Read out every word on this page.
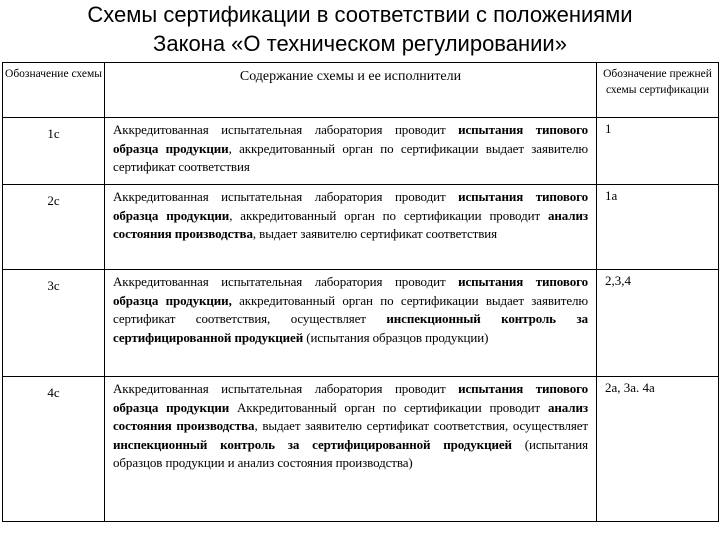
Схемы сертификации в соответствии с положениями
Закона «О техническом регулировании»
Обозначение схемы	Содержание схемы и ее исполнители	Обозначение прежней схемы сертификации
1с	Аккредитованная испытательная лаборатория проводит испытания типового образца продукции, аккредитованный орган по сертификации выдает заявителю сертификат соответствия	1
2с	Аккредитованная испытательная лаборатория проводит испытания типового образца продукции, аккредитованный орган по сертификации проводит анализ состояния производства, выдает заявителю сертификат соответствия	1а
3с	Аккредитованная испытательная лаборатория проводит испытания типового образца продукции, аккредитованный орган по сертификации выдает заявителю сертификат соответствия, осуществляет инспекционный контроль за сертифицированной продукцией (испытания образцов продукции)	2,3,4
4с	Аккредитованная испытательная лаборатория проводит испытания типового образца продукции Аккредитованный орган по сертификации проводит анализ состояния производства, выдает заявителю сертификат соответствия, осуществляет инспекционный контроль за сертифицированной продукцией (испытания образцов продукции и анализ состояния производства)	2а, 3а. 4а
